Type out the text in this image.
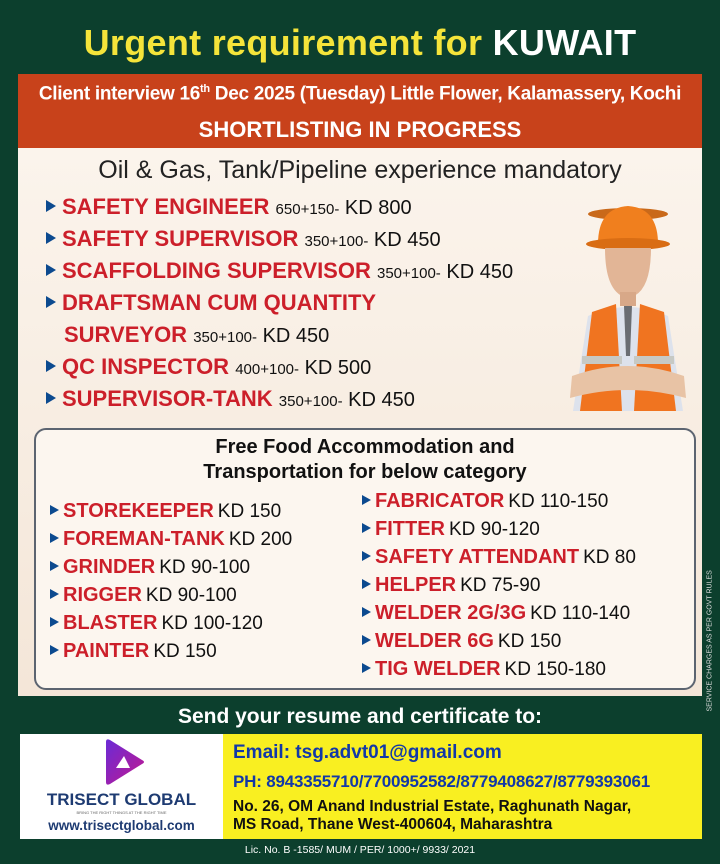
Urgent requirement for KUWAIT
Client interview 16th Dec 2025 (Tuesday) Little Flower, Kalamassery, Kochi
SHORTLISTING IN PROGRESS
Oil & Gas, Tank/Pipeline experience mandatory
SAFETY ENGINEER 650+150- KD 800
SAFETY SUPERVISOR 350+100- KD 450
SCAFFOLDING SUPERVISOR 350+100- KD 450
DRAFTSMAN CUM QUANTITY
SURVEYOR 350+100- KD 450
QC INSPECTOR 400+100- KD 500
SUPERVISOR-TANK 350+100- KD 450
Free Food Accommodation and
Transportation for below category
STOREKEEPER KD 150
FOREMAN-TANK KD 200
GRINDER KD 90-100
RIGGER KD 90-100
BLASTER KD 100-120
PAINTER KD 150
FABRICATOR KD 110-150
FITTER KD 90-120
SAFETY ATTENDANT KD 80
HELPER KD 75-90
WELDER 2G/3G KD 110-140
WELDER 6G KD 150
TIG WELDER KD 150-180	SERVICE CHARGES AS PER GOVT RULES
Send your resume and certificate to:
TRISECT GLOBAL
BRING THE RIGHT THINGS AT THE RIGHT TIME
www.trisectglobal.com
Email: tsg.advt01@gmail.com
PH: 8943355710/7700952582/8779408627/8779393061
No. 26, OM Anand Industrial Estate, Raghunath Nagar,
MS Road, Thane West-400604, Maharashtra
Lic. No. B -1585/ MUM / PER/ 1000+/ 9933/ 2021
